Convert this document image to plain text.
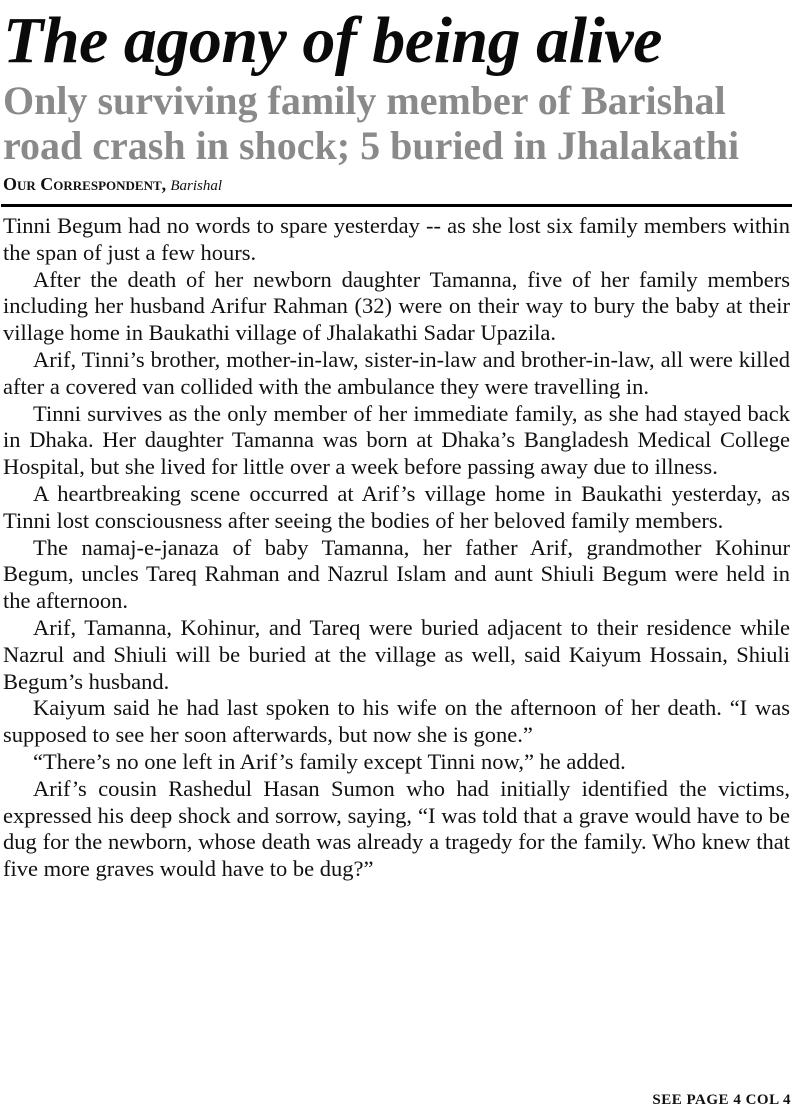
The agony of being alive
Only surviving family member of Barishal
road crash in shock; 5 buried in Jhalakathi
Our Correspondent, Barishal

Tinni Begum had no words to spare yesterday -- as she lost six family members within the span of just a few hours.

After the death of her newborn daughter Tamanna, five of her family members including her husband Arifur Rahman (32) were on their way to bury the baby at their village home in Baukathi village of Jhalakathi Sadar Upazila.

Arif, Tinni’s brother, mother-in-law, sister-in-law and brother-in-law, all were killed after a covered van collided with the ambulance they were travelling in.

Tinni survives as the only member of her immediate family, as she had stayed back in Dhaka. Her daughter Tamanna was born at Dhaka’s Bangladesh Medical College Hospital, but she lived for little over a week before passing away due to illness.

A heartbreaking scene occurred at Arif’s village home in Baukathi yesterday, as Tinni lost consciousness after seeing the bodies of her beloved family members.

The namaj-e-janaza of baby Tamanna, her father Arif, grandmother Kohinur Begum, uncles Tareq Rahman and Nazrul Islam and aunt Shiuli Begum were held in the afternoon.

Arif, Tamanna, Kohinur, and Tareq were buried adjacent to their residence while Nazrul and Shiuli will be buried at the village as well, said Kaiyum Hossain, Shiuli Begum’s husband.

Kaiyum said he had last spoken to his wife on the afternoon of her death. “I was supposed to see her soon afterwards, but now she is gone.”

“There’s no one left in Arif’s family except Tinni now,” he added.

Arif’s cousin Rashedul Hasan Sumon who had initially identified the victims, expressed his deep shock and sorrow, saying, “I was told that a grave would have to be dug for the newborn, whose death was already a tragedy for the family. Who knew that five more graves would have to be dug?”

SEE PAGE 4 COL 4
